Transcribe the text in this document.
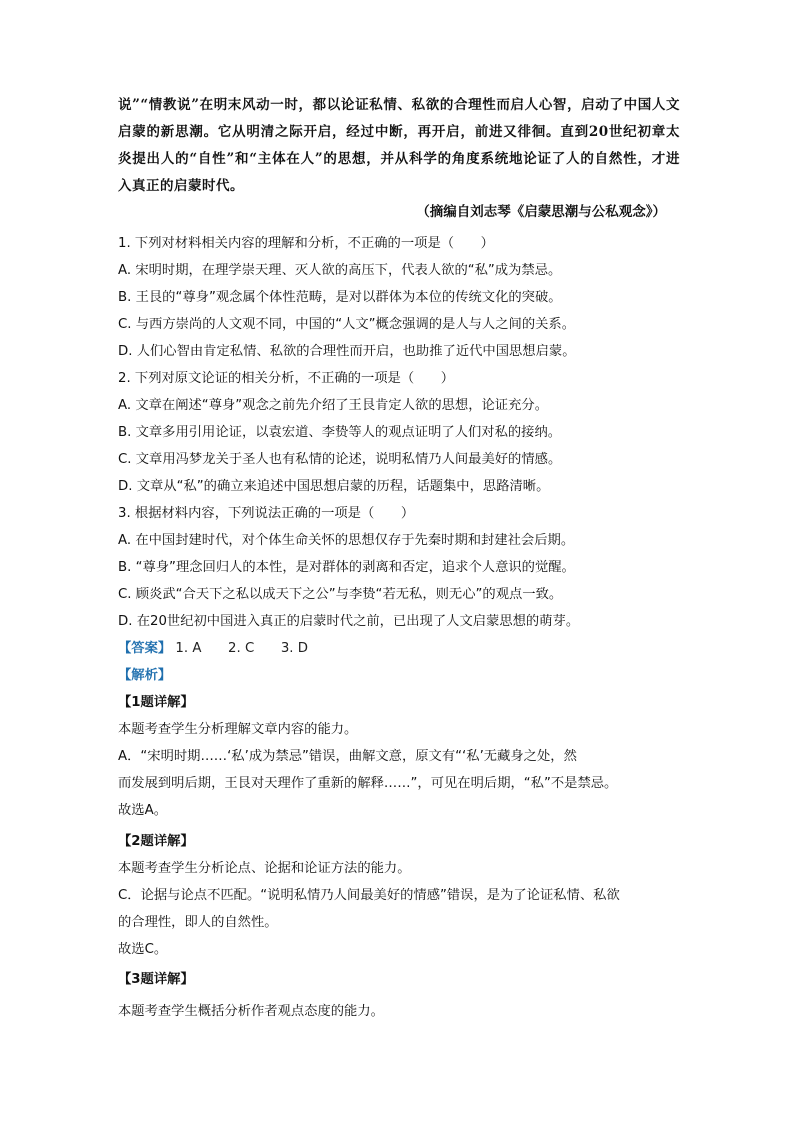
说”“情教说”在明末风动一时，都以论证私情、私欲的合理性而启人心智，启动了中国人文启蒙的新思潮。它从明清之际开启，经过中断，再开启，前进又徘徊。直到20世纪初章太炎提出人的“自性”和“主体在人”的思想，并从科学的角度系统地论证了人的自然性，才进入真正的启蒙时代。

（摘编自刘志琴《启蒙思潮与公私观念》）
1. 下列对材料相关内容的理解和分析，不正确的一项是（　　）
A. 宋明时期，在理学崇天理、灭人欲的高压下，代表人欲的“私”成为禁忌。
B. 王艮的“尊身”观念属个体性范畴，是对以群体为本位的传统文化的突破。
C. 与西方崇尚的人文观不同，中国的“人文”概念强调的是人与人之间的关系。
D. 人们心智由肯定私情、私欲的合理性而开启，也助推了近代中国思想启蒙。
2. 下列对原文论证的相关分析，不正确的一项是（　　）
A. 文章在阐述“尊身”观念之前先介绍了王艮肯定人欲的思想，论证充分。
B. 文章多用引用论证，以袁宏道、李贽等人的观点证明了人们对私的接纳。
C. 文章用冯梦龙关于圣人也有私情的论述，说明私情乃人间最美好的情感。
D. 文章从“私”的确立来追述中国思想启蒙的历程，话题集中，思路清晰。
3. 根据材料内容，下列说法正确的一项是（　　）
A. 在中国封建时代，对个体生命关怀的思想仅存于先秦时期和封建社会后期。
B. “尊身”理念回归人的本性，是对群体的剥离和否定，追求个人意识的觉醒。
C. 顾炎武“合天下之私以成天下之公”与李贽“若无私，则无心”的观点一致。
D. 在20世纪初中国进入真正的启蒙时代之前，已出现了人文启蒙思想的萌芽。
【答案】 1. A　　2. C　　3. D
【解析】
【1题详解】
本题考查学生分析理解文章内容的能力。
A．“宋明时期……‘私’成为禁忌”错误，曲解文意，原文有“‘私’无藏身之处，然
而发展到明后期，王艮对天理作了重新的解释……”，可见在明后期，“私”不是禁忌。
故选A。
【2题详解】
本题考查学生分析论点、论据和论证方法的能力。
C．论据与论点不匹配。“说明私情乃人间最美好的情感”错误，是为了论证私情、私欲
的合理性，即人的自然性。
故选C。
【3题详解】
本题考查学生概括分析作者观点态度的能力。
